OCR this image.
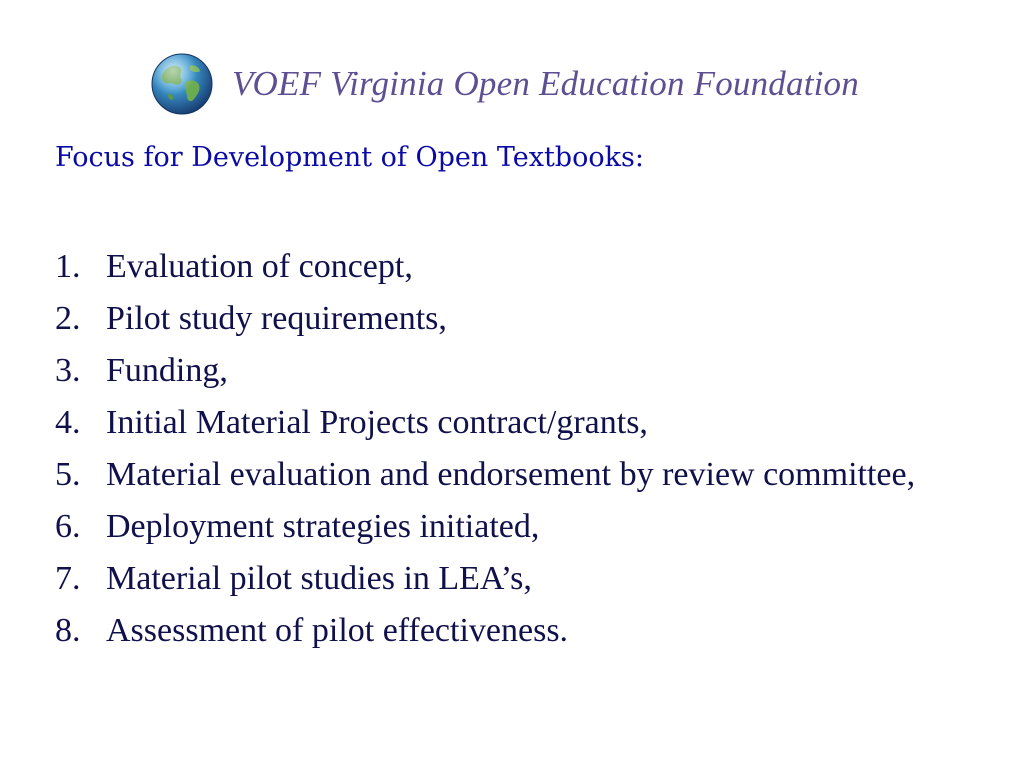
VOEF Virginia Open Education Foundation
Focus for Development of Open Textbooks:
1. Evaluation of concept,
2. Pilot study requirements,
3. Funding,
4. Initial Material Projects contract/grants,
5. Material evaluation and endorsement by review committee,
6. Deployment strategies initiated,
7. Material pilot studies in LEA’s,
8. Assessment of pilot effectiveness.
